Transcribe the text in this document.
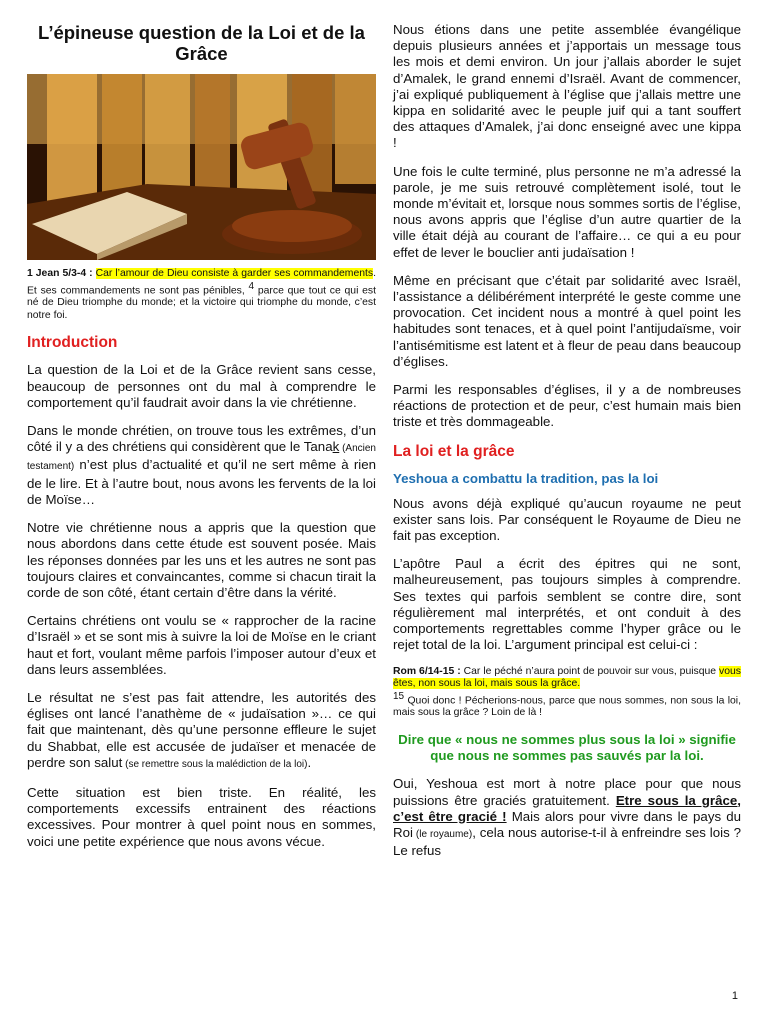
L’épineuse question de la Loi et de la Grâce

1 Jean 5/3-4 : Car l’amour de Dieu consiste à garder ses commandements. Et ses commandements ne sont pas pénibles, $^4$ parce que tout ce qui est né de Dieu triomphe du monde; et la victoire qui triomphe du monde, c’est notre foi.

Introduction

La question de la Loi et de la Grâce revient sans cesse, beaucoup de personnes ont du mal à comprendre le comportement qu’il faudrait avoir dans la vie chrétienne.

Dans le monde chrétien, on trouve tous les extrêmes, d’un côté il y a des chrétiens qui considèrent que le Tanak (Ancien testament) n’est plus d’actualité et qu’il ne sert même à rien de le lire. Et à l’autre bout, nous avons les fervents de la loi de Moïse…

Notre vie chrétienne nous a appris que la question que nous abordons dans cette étude est souvent posée. Mais les réponses données par les uns et les autres ne sont pas toujours claires et convaincantes, comme si chacun tirait la corde de son côté, étant certain d’être dans la vérité.

Certains chrétiens ont voulu se « rapprocher de la racine d’Israël » et se sont mis à suivre la loi de Moïse en le criant haut et fort, voulant même parfois l’imposer autour d’eux et dans leurs assemblées.

Le résultat ne s’est pas fait attendre, les autorités des églises ont lancé l’anathème de « judaïsation »… ce qui fait que maintenant, dès qu’une personne effleure le sujet du Shabbat, elle est accusée de judaïser et menacée de perdre son salut (se remettre sous la malédiction de la loi).

Cette situation est bien triste. En réalité, les comportements excessifs entrainent des réactions excessives. Pour montrer à quel point nous en sommes, voici une petite expérience que nous avons vécue.

Nous étions dans une petite assemblée évangélique depuis plusieurs années et j’apportais un message tous les mois et demi environ. Un jour j’allais aborder le sujet d’Amalek, le grand ennemi d’Israël. Avant de commencer, j’ai expliqué publiquement à l’église que j’allais mettre une kippa en solidarité avec le peuple juif qui a tant souffert des attaques d’Amalek, j’ai donc enseigné avec une kippa !

Une fois le culte terminé, plus personne ne m’a adressé la parole, je me suis retrouvé complètement isolé, tout le monde m’évitait et, lorsque nous sommes sortis de l’église, nous avons appris que l’église d’un autre quartier de la ville était déjà au courant de l’affaire… ce qui a eu pour effet de lever le bouclier anti judaïsation !

Même en précisant que c’était par solidarité avec Israël, l’assistance a délibérément interprété le geste comme une provocation. Cet incident nous a montré à quel point les habitudes sont tenaces, et à quel point l’antijudaïsme, voir l’antisémitisme est latent et à fleur de peau dans beaucoup d’églises.

Parmi les responsables d’églises, il y a de nombreuses réactions de protection et de peur, c’est humain mais bien triste et très dommageable.

La loi et la grâce
Yeshoua a combattu la tradition, pas la loi

Nous avons déjà expliqué qu’aucun royaume ne peut exister sans lois. Par conséquent le Royaume de Dieu ne fait pas exception.

L’apôtre Paul a écrit des épitres qui ne sont, malheureusement, pas toujours simples à comprendre. Ses textes qui parfois semblent se contre dire, sont régulièrement mal interprétés, et ont conduit à des comportements regrettables comme l’hyper grâce ou le rejet total de la loi. L’argument principal est celui-ci :

Rom 6/14-15 : Car le péché n’aura point de pouvoir sur vous, puisque vous êtes, non sous la loi, mais sous la grâce.
$^{15}$ Quoi donc ! Pécherions-nous, parce que nous sommes, non sous la loi, mais sous la grâce ? Loin de là !

Dire que « nous ne sommes plus sous la loi » signifie que nous ne sommes pas sauvés par la loi.

Oui, Yeshoua est mort à notre place pour que nous puissions être graciés gratuitement. Etre sous la grâce, c’est être gracié ! Mais alors pour vivre dans le pays du Roi (le royaume), cela nous autorise-t-il à enfreindre ses lois ? Le refus

1
